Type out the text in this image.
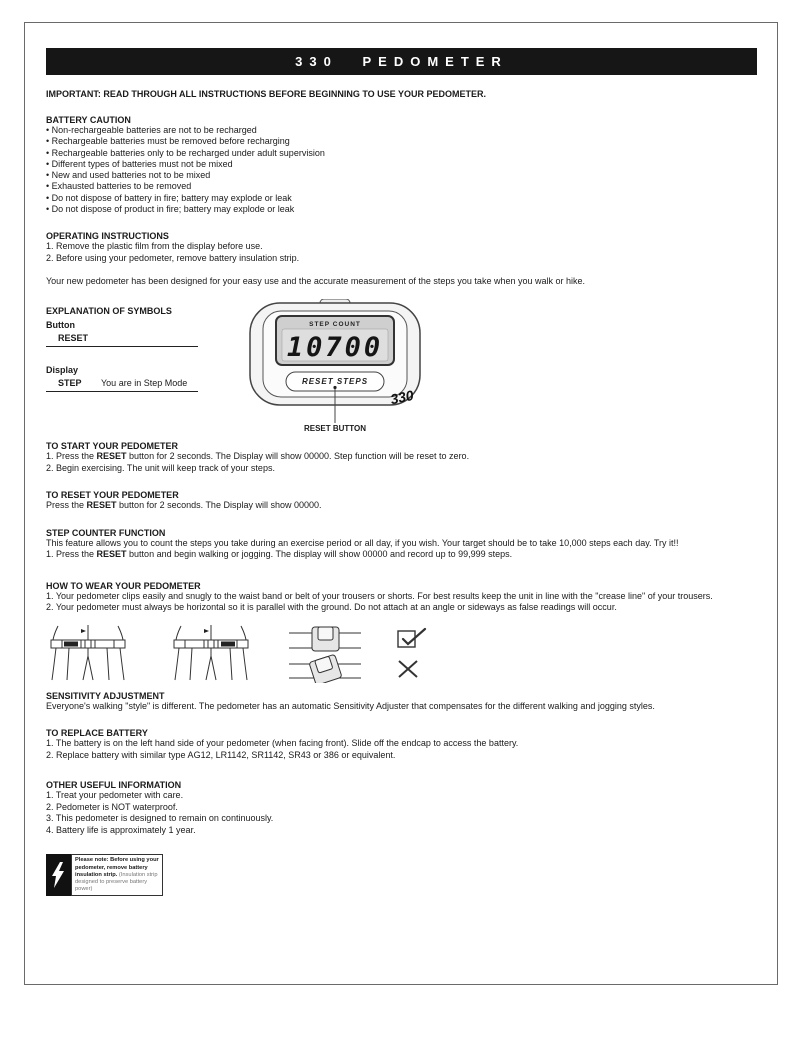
330 PEDOMETER
IMPORTANT: READ THROUGH ALL INSTRUCTIONS BEFORE BEGINNING TO USE YOUR PEDOMETER.
BATTERY CAUTION
• Non-rechargeable batteries are not to be recharged
• Rechargeable batteries must be removed before recharging
• Rechargeable batteries only to be recharged under adult supervision
• Different types of batteries must not be mixed
• New and used batteries not to be mixed
• Exhausted batteries to be removed
• Do not dispose of battery in fire; battery may explode or leak
• Do not dispose of product in fire; battery may explode or leak
OPERATING INSTRUCTIONS
1. Remove the plastic film from the display before use.
2. Before using your pedometer, remove battery insulation strip.
Your new pedometer has been designed for your easy use and the accurate measurement of the steps you take when you walk or hike.
EXPLANATION OF SYMBOLS
Button
RESET
Display
STEP	You are in Step Mode
STEP COUNT
10700
RESET STEPS
330
RESET BUTTON
TO START YOUR PEDOMETER
1. Press the RESET button for 2 seconds. The Display will show 00000. Step function will be reset to zero.
2. Begin exercising. The unit will keep track of your steps.
TO RESET YOUR PEDOMETER
Press the RESET button for 2 seconds. The Display will show 00000.
STEP COUNTER FUNCTION
This feature allows you to count the steps you take during an exercise period or all day, if you wish. Your target should be to take 10,000 steps each day. Try it!!
1. Press the RESET button and begin walking or jogging. The display will show 00000 and record up to 99,999 steps.
HOW TO WEAR YOUR PEDOMETER
1. Your pedometer clips easily and snugly to the waist band or belt of your trousers or shorts. For best results keep the unit in line with the "crease line" of your trousers.
2. Your pedometer must always be horizontal so it is parallel with the ground. Do not attach at an angle or sideways as false readings will occur.
SENSITIVITY ADJUSTMENT
Everyone's walking "style" is different. The pedometer has an automatic Sensitivity Adjuster that compensates for the different walking and jogging styles.
TO REPLACE BATTERY
1. The battery is on the left hand side of your pedometer (when facing front). Slide off the endcap to access the battery.
2. Replace battery with similar type AG12, LR1142, SR1142, SR43 or 386 or equivalent.
OTHER USEFUL INFORMATION
1. Treat your pedometer with care.
2. Pedometer is NOT waterproof.
3. This pedometer is designed to remain on continuously.
4. Battery life is approximately 1 year.
Please note: Before using your pedometer, remove battery insulation strip. (Insulation strip designed to preserve battery power)
